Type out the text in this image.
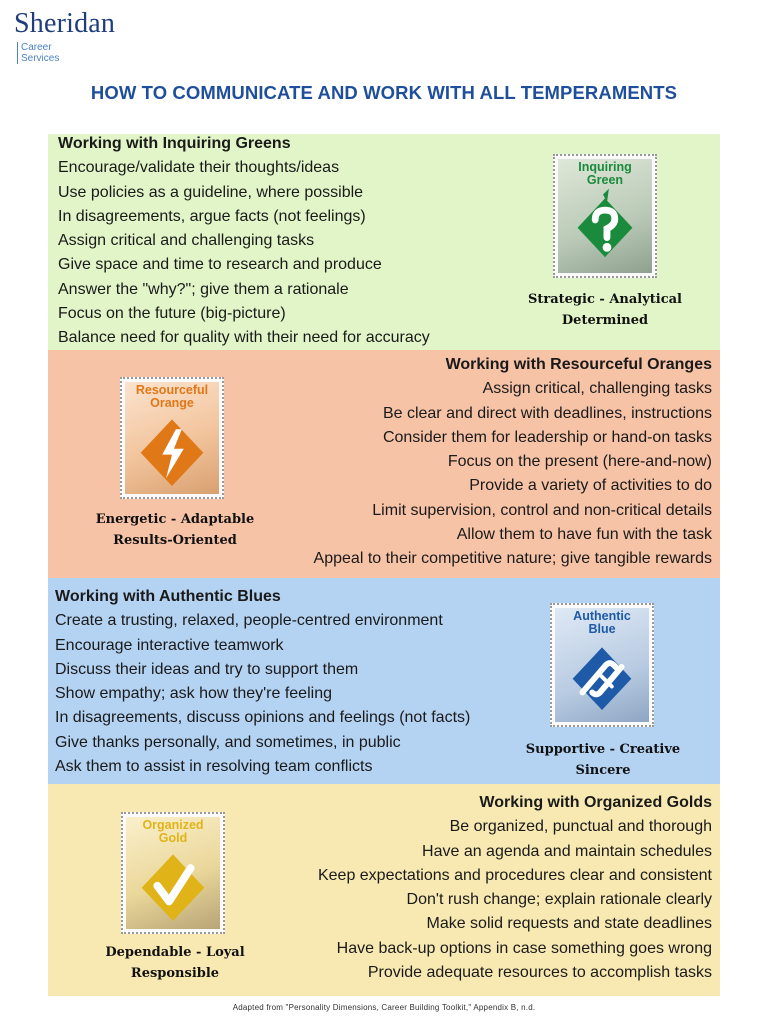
Sheridan
Career
Services
HOW TO COMMUNICATE AND WORK WITH ALL TEMPERAMENTS
Working with Inquiring Greens
Encourage/validate their thoughts/ideas
Use policies as a guideline, where possible
In disagreements, argue facts (not feelings)
Assign critical and challenging tasks
Give space and time to research and produce
Answer the "why?"; give them a rationale
Focus on the future (big-picture)
Balance need for quality with their need for accuracy
Inquiring
Green
Strategic - Analytical
Determined
Working with Resourceful Oranges
Assign critical, challenging tasks
Be clear and direct with deadlines, instructions
Consider them for leadership or hand-on tasks
Focus on the present (here-and-now)
Provide a variety of activities to do
Limit supervision, control and non-critical details
Allow them to have fun with the task
Appeal to their competitive nature; give tangible rewards
Resourceful
Orange
Energetic - Adaptable
Results-Oriented
Working with Authentic Blues
Create a trusting, relaxed, people-centred environment
Encourage interactive teamwork
Discuss their ideas and try to support them
Show empathy; ask how they're feeling
In disagreements, discuss opinions and feelings (not facts)
Give thanks personally, and sometimes, in public
Ask them to assist in resolving team conflicts
Authentic
Blue
Supportive - Creative
Sincere
Working with Organized Golds
Be organized, punctual and thorough
Have an agenda and maintain schedules
Keep expectations and procedures clear and consistent
Don't rush change; explain rationale clearly
Make solid requests and state deadlines
Have back-up options in case something goes wrong
Provide adequate resources to accomplish tasks
Organized
Gold
Dependable - Loyal
Responsible
Adapted from "Personality Dimensions, Career Building Toolkit," Appendix B, n.d.
